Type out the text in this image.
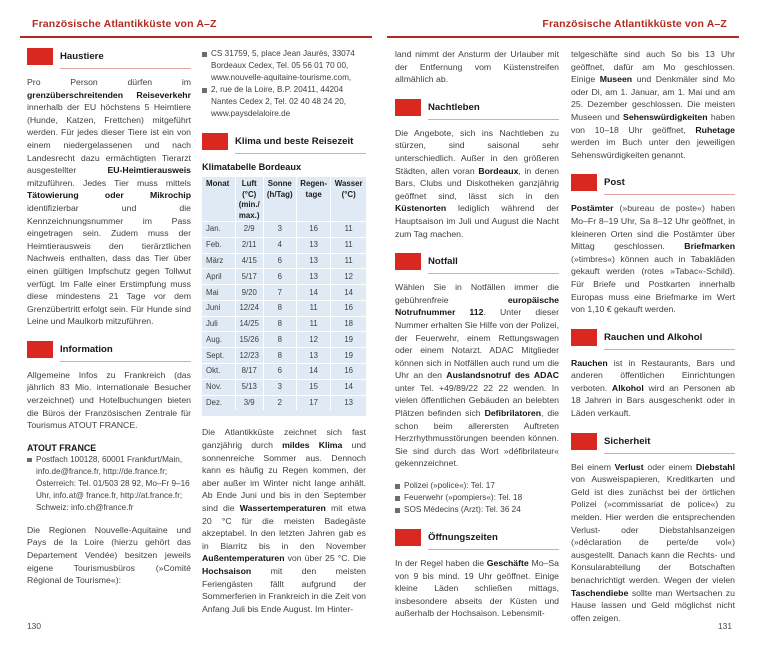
Französische Atlantikküste von A–Z	Französische Atlantikküste von A–Z
Haustiere

Pro Person dürfen im grenzüberschreitenden Reiseverkehr innerhalb der EU höchstens 5 Heimtiere (Hunde, Katzen, Frettchen) mitgeführt werden. Für jedes dieser Tiere ist ein von einem niedergelassenen und nach Landesrecht dazu ermächtigten Tierarzt ausgestellter EU-Heimtierausweis mitzuführen. Jedes Tier muss mittels Tätowierung oder Mikrochip identifizierbar und die Kennzeichnungsnummer im Pass eingetragen sein. Zudem muss der Heimtierausweis den tierärztlichen Nachweis enthalten, dass das Tier über einen gültigen Impfschutz gegen Tollwut verfügt. Im Falle einer Erstimpfung muss diese mindestens 21 Tage vor dem Grenzübertritt erfolgt sein. Für Hunde sind Leine und Maulkorb mitzuführen.

Information

Allgemeine Infos zu Frankreich (das jährlich 83 Mio. internationale Besucher verzeichnet) und Hotelbuchungen bieten die Büros der Französischen Zentrale für Tourismus ATOUT FRANCE.

ATOUT FRANCE
Postfach 100128, 60001 Frankfurt/Main, info.de@france.fr, http://de.france.fr; Österreich: Tel. 01/503 28 92, Mo–Fr 9–16 Uhr, info.at@ france.fr, http://at.france.fr; Schweiz: info.ch@france.fr

Die Regionen Nouvelle-Aquitaine und Pays de la Loire (hierzu gehört das Departement Vendée) besitzen jeweils eigene Tourismusbüros (»Comité Régional de Tourisme«):

CS 31759, 5, place Jean Jaurès, 33074 Bordeaux Cedex, Tel. 05 56 01 70 00, www.nouvelle-aquitaine-tourisme.com,
2, rue de la Loire, B.P. 20411, 44204 Nantes Cedex 2, Tel. 02 40 48 24 20, www.paysdelaloire.de
Klima und beste Reisezeit
Klimatabelle Bordeaux
Monat	Luft	Sonne	Regen-	Wasser
	(°C)	(h/Tag)	tage	(°C)
	(min./			
	max.)			
Jan.	2/9	3	16	11
Feb.	2/11	4	13	11
März	4/15	6	13	11
April	5/17	6	13	12
Mai	9/20	7	14	14
Juni	12/24	8	11	16
Juli	14/25	8	11	18
Aug.	15/26	8	12	19
Sept.	12/23	8	13	19
Okt.	8/17	6	14	16
Nov.	5/13	3	15	14
Dez.	3/9	2	17	13

Die Atlantikküste zeichnet sich fast ganzjährig durch mildes Klima und sonnenreiche Sommer aus. Dennoch kann es häufig zu Regen kommen, der aber außer im Winter nicht lange anhält. Ab Ende Juni und bis in den September sind die Wassertemperaturen mit etwa 20 °C für die meisten Badegäste akzeptabel. In den letzten Jahren gab es in Biarritz bis in den November Außentemperaturen von über 25 °C. Die Hochsaison mit den meisten Feriengästen fällt aufgrund der Sommerferien in Frankreich in die Zeit von Anfang Juli bis Ende August. Im Hinter-

land nimmt der Ansturm der Urlauber mit der Entfernung vom Küstenstreifen allmählich ab.

Nachtleben

Die Angebote, sich ins Nachtleben zu stürzen, sind saisonal sehr unterschiedlich. Außer in den größeren Städten, allen voran Bordeaux, in denen Bars, Clubs und Diskotheken ganzjährig geöffnet sind, lässt sich in den Küstenorten lediglich während der Hauptsaison im Juli und August die Nacht zum Tag machen.

Notfall

Wählen Sie in Notfällen immer die gebührenfreie europäische Notrufnummer 112. Unter dieser Nummer erhalten Sie Hilfe von der Polizei, der Feuerwehr, einem Rettungswagen oder einem Notarzt. ADAC Mitglieder können sich in Notfällen auch rund um die Uhr an den Auslandsnotruf des ADAC unter Tel. +49/89/22 22 22 wenden. In vielen öffentlichen Gebäuden an belebten Plätzen befinden sich Defibrilatoren, die schon beim allerersten Auftreten Herzrhythmusstörungen beenden können. Sie sind durch das Wort »défibrilateur« gekennzeichnet.

Polizei (»police«): Tel. 17
Feuerwehr (»pompiers«): Tel. 18
SOS Médecins (Arzt): Tel. 36 24
Öffnungszeiten

In der Regel haben die Geschäfte Mo–Sa von 9 bis mind. 19 Uhr geöffnet. Einige kleine Läden schließen mittags, insbesondere abseits der Küsten und außerhalb der Hochsaison. Lebensmit-

telgeschäfte sind auch So bis 13 Uhr geöffnet, dafür am Mo geschlossen. Einige Museen und Denkmäler sind Mo oder Di, am 1. Januar, am 1. Mai und am 25. Dezember geschlossen. Die meisten Museen und Sehenswürdigkeiten haben von 10–18 Uhr geöffnet, Ruhetage werden im Buch unter den jeweiligen Sehenswürdigkeiten genannt.

Post

Postämter (»bureau de poste«) haben Mo–Fr 8–19 Uhr, Sa 8–12 Uhr geöffnet, in kleineren Orten sind die Postämter über Mittag geschlossen. Briefmarken (»timbres«) können auch in Tabakläden gekauft werden (rotes »Tabac«-Schild). Für Briefe und Postkarten innerhalb Europas muss eine Briefmarke im Wert von 1,10 € gekauft werden.

Rauchen und Alkohol

Rauchen ist in Restaurants, Bars und anderen öffentlichen Einrichtungen verboten. Alkohol wird an Personen ab 18 Jahren in Bars ausgeschenkt oder in Läden verkauft.

Sicherheit

Bei einem Verlust oder einem Diebstahl von Ausweispapieren, Kreditkarten und Geld ist dies zunächst bei der örtlichen Polizei (»commissariat de police«) zu melden. Hier werden die entsprechenden Verlust- oder Diebstahlsanzeigen (»déclaration de perte/de vol«) ausgestellt. Danach kann die Rechts- und Konsularabteilung der Botschaften benachrichtigt werden. Wegen der vielen Taschendiebe sollte man Wertsachen zu Hause lassen und Geld möglichst nicht offen zeigen.

130	131
